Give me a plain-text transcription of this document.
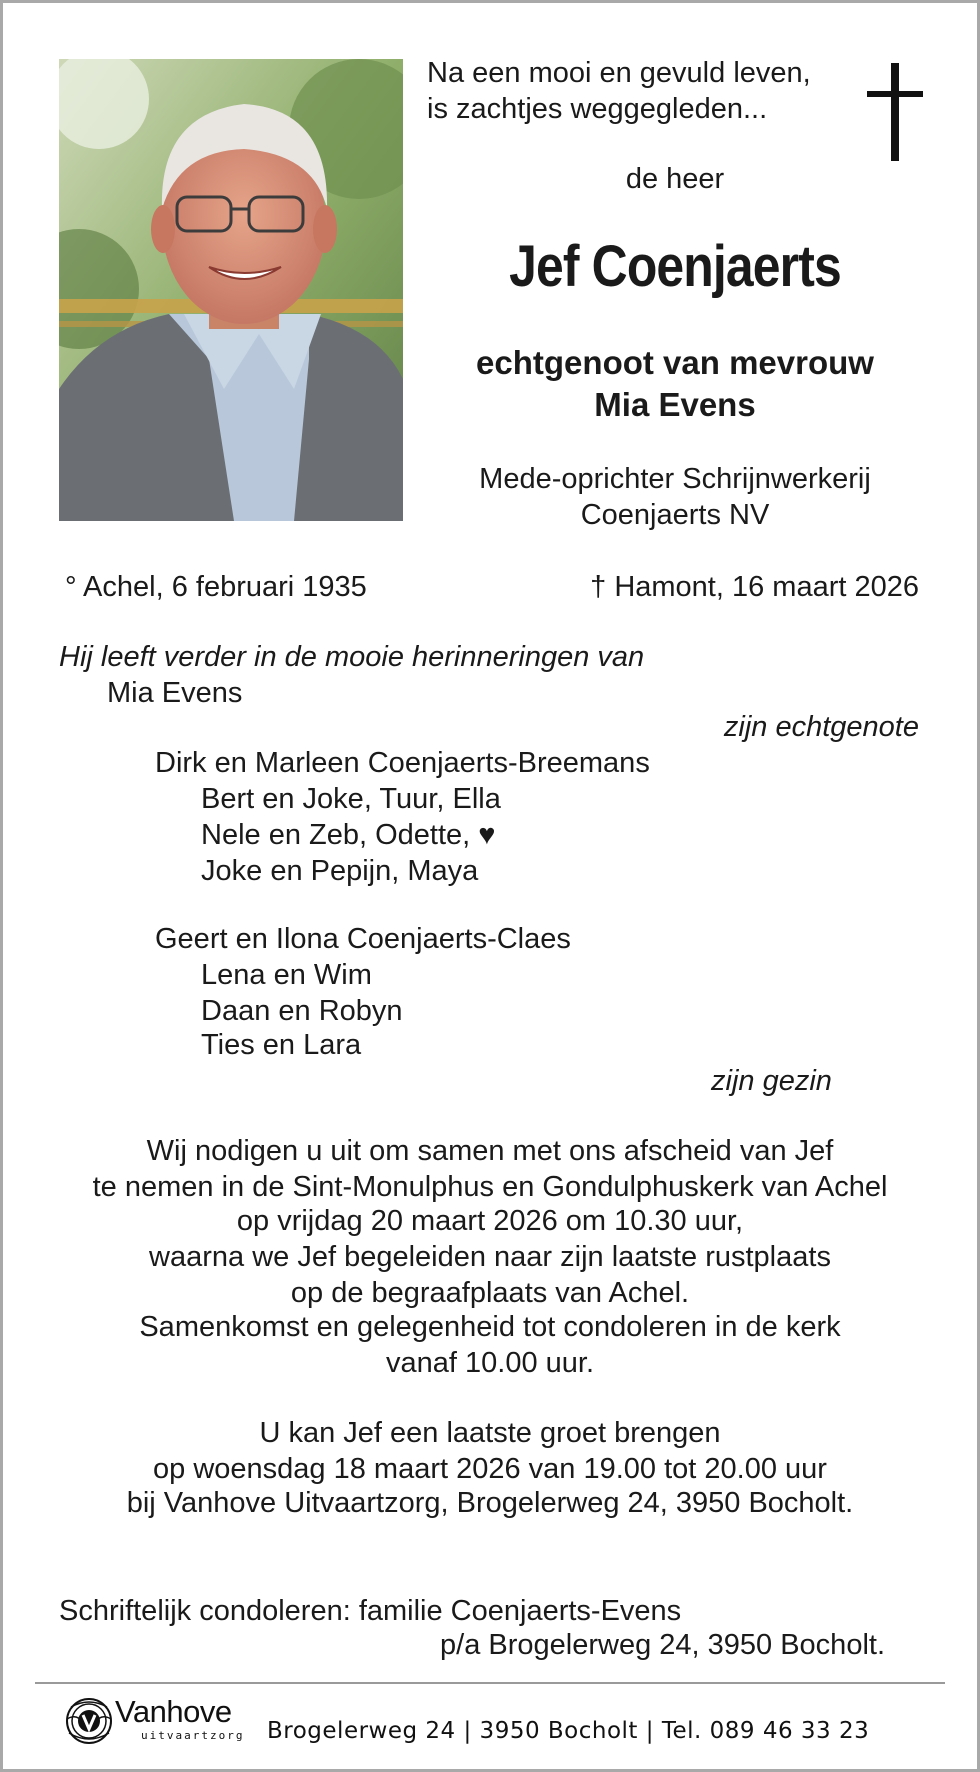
Na een mooi en gevuld leven,

is zachtjes weggegleden...

de heer

Jef Coenjaerts

echtgenoot van mevrouw

Mia Evens

Mede-oprichter Schrijnwerkerij

Coenjaerts NV

° Achel, 6 februari 1935	† Hamont, 16 maart 2026

Hij leeft verder in de mooie herinneringen van

Mia Evens

zijn echtgenote

Dirk en Marleen Coenjaerts-Breemans

Bert en Joke, Tuur, Ella

Nele en Zeb, Odette, ♥

Joke en Pepijn, Maya

Geert en Ilona Coenjaerts-Claes

Lena en Wim

Daan en Robyn

Ties en Lara

zijn gezin

Wij nodigen u uit om samen met ons afscheid van Jef

te nemen in de Sint-Monulphus en Gondulphuskerk van Achel

op vrijdag 20 maart 2026 om 10.30 uur,

waarna we Jef begeleiden naar zijn laatste rustplaats

op de begraafplaats van Achel.

Samenkomst en gelegenheid tot condoleren in de kerk

vanaf 10.00 uur.

U kan Jef een laatste groet brengen

op woensdag 18 maart 2026 van 19.00 tot 20.00 uur

bij Vanhove Uitvaartzorg, Brogelerweg 24, 3950 Bocholt.

Schriftelijk condoleren: familie Coenjaerts-Evens

p/a Brogelerweg 24, 3950 Bocholt.

Vanhove
uitvaartzorg Brogelerweg 24 | 3950 Bocholt | Tel. 089 46 33 23
